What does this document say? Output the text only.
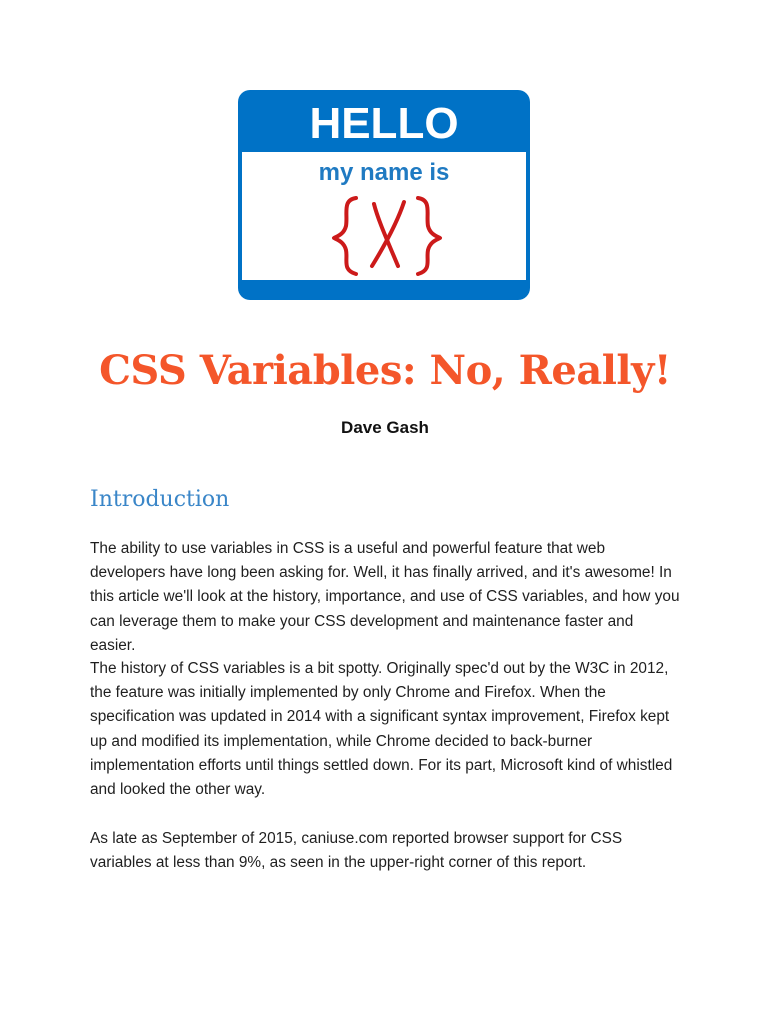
HELLO
my name is
CSS Variables: No, Really!
Dave Gash
Introduction

The ability to use variables in CSS is a useful and powerful feature that web developers have long been asking for. Well, it has finally arrived, and it's awesome! In this article we'll look at the history, importance, and use of CSS variables, and how you can leverage them to make your CSS development and maintenance faster and easier.

The history of CSS variables is a bit spotty. Originally spec'd out by the W3C in 2012, the feature was initially implemented by only Chrome and Firefox. When the specification was updated in 2014 with a significant syntax improvement, Firefox kept up and modified its implementation, while Chrome decided to back-burner implementation efforts until things settled down. For its part, Microsoft kind of whistled and looked the other way.

As late as September of 2015, caniuse.com reported browser support for CSS variables at less than 9%, as seen in the upper-right corner of this report.
